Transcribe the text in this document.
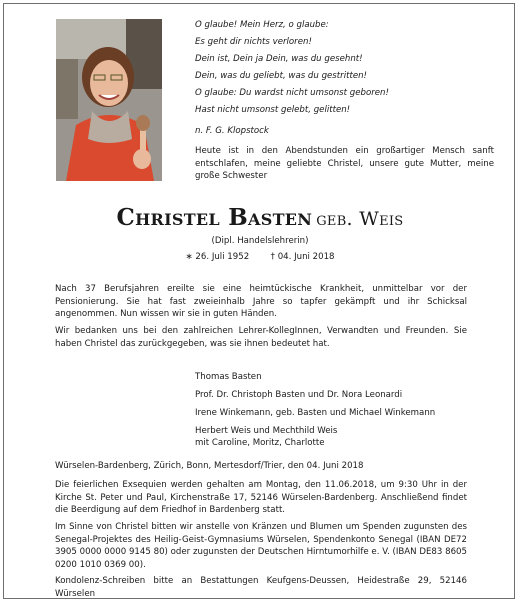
O glaube! Mein Herz, o glaube:
Es geht dir nichts verloren!
Dein ist, Dein ja Dein, was du gesehnt!
Dein, was du geliebt, was du gestritten!
O glaube: Du wardst nicht umsonst geboren!
Hast nicht umsonst gelebt, gelitten!
n. F. G. Klopstock
Heute ist in den Abendstunden ein großartiger Mensch sanft entschlafen, meine geliebte Christel, unsere gute Mutter, meine große Schwester
Christel Basten geb. Weis
(Dipl. Handelslehrerin)
∗ 26. Juli 1952 † 04. Juni 2018
Nach 37 Berufsjahren ereilte sie eine heimtückische Krankheit, unmittelbar vor der Pensionierung. Sie hat fast zweieinhalb Jahre so tapfer gekämpft und ihr Schicksal angenommen. Nun wissen wir sie in guten Händen.
Wir bedanken uns bei den zahlreichen Lehrer-KollegInnen, Verwandten und Freunden. Sie haben Christel das zurückgegeben, was sie ihnen bedeutet hat.
Thomas Basten
Prof. Dr. Christoph Basten und Dr. Nora Leonardi
Irene Winkemann, geb. Basten und Michael Winkemann
Herbert Weis und Mechthild Weis
mit Caroline, Moritz, Charlotte
Würselen-Bardenberg, Zürich, Bonn, Mertesdorf/Trier, den 04. Juni 2018
Die feierlichen Exsequien werden gehalten am Montag, den 11.06.2018, um 9:30 Uhr in der Kirche St. Peter und Paul, Kirchenstraße 17, 52146 Würselen-Bardenberg. Anschließend findet die Beerdigung auf dem Friedhof in Bardenberg statt.
Im Sinne von Christel bitten wir anstelle von Kränzen und Blumen um Spenden zugunsten des Senegal-Projektes des Heilig-Geist-Gymnasiums Würselen, Spendenkonto Senegal (IBAN DE72 3905 0000 0000 9145 80) oder zugunsten der Deutschen Hirntumorhilfe e. V. (IBAN DE83 8605 0200 1010 0369 00).
Kondolenz-Schreiben bitte an Bestattungen Keufgens-Deussen, Heidestraße 29, 52146 Würselen
